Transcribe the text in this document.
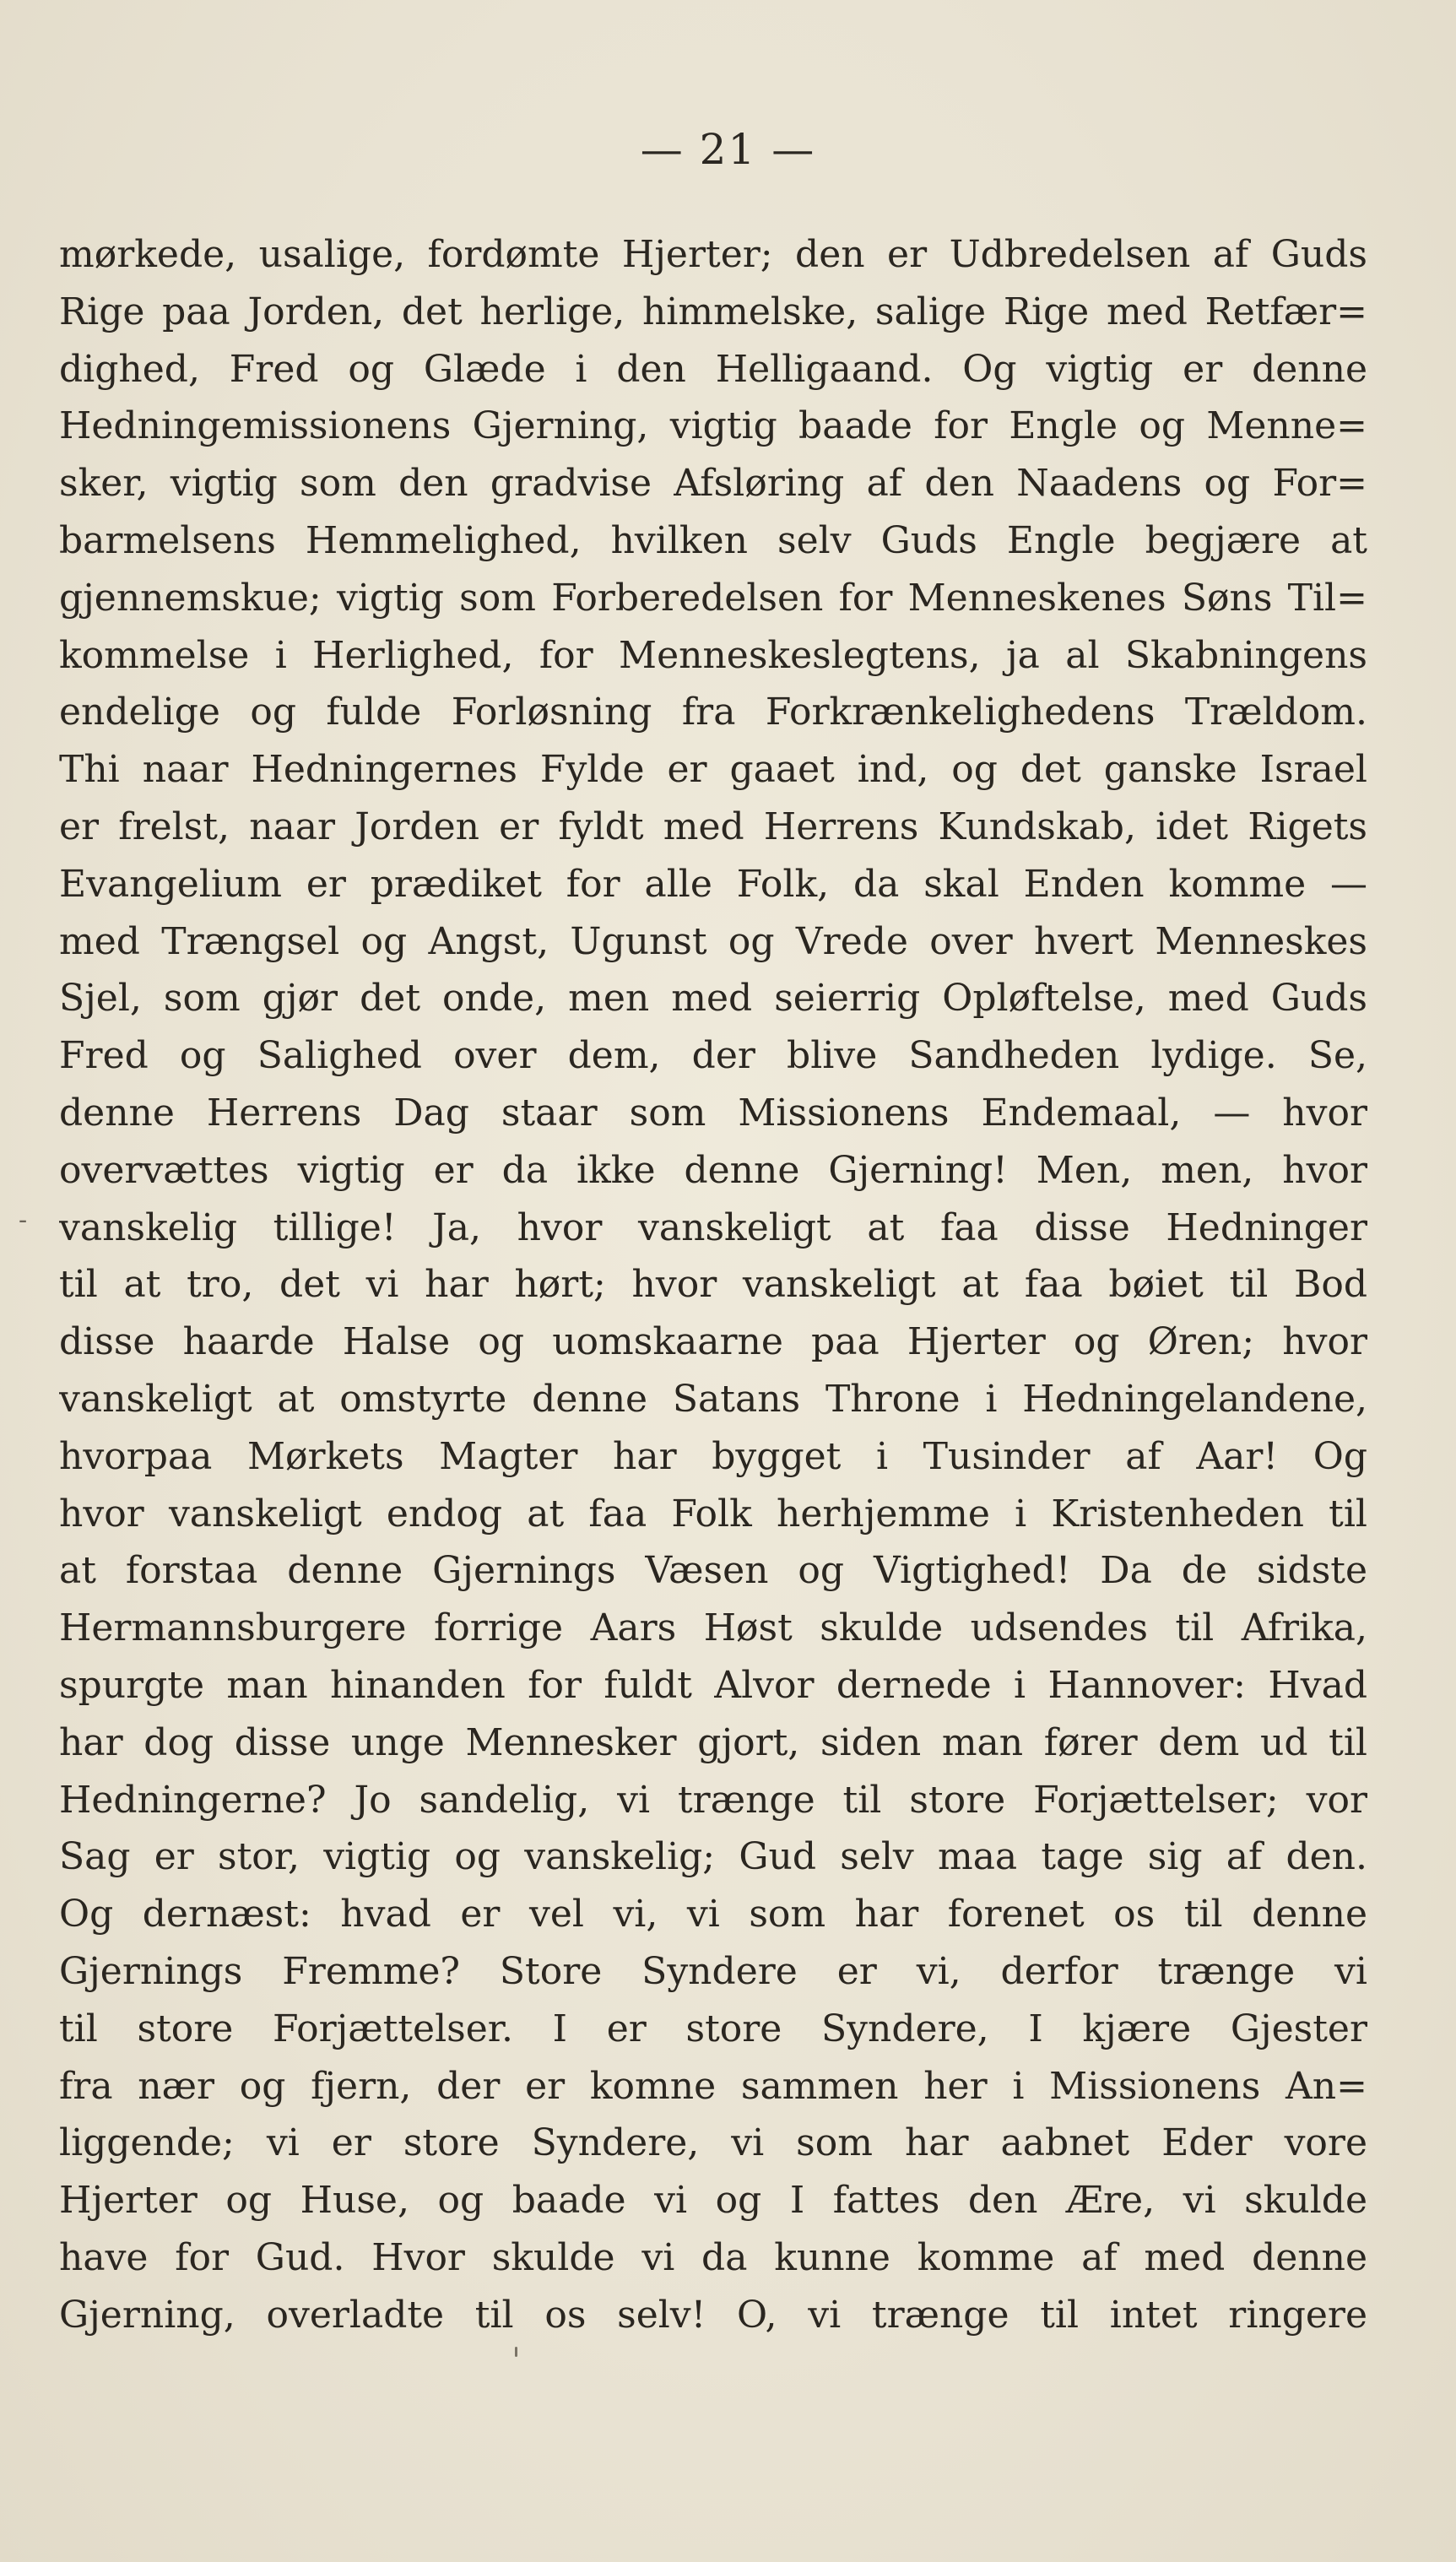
— 21 —
-
mørkede, usalige, fordømte Hjerter; den er Udbredelsen af Guds
Rige paa Jorden, det herlige, himmelske, salige Rige med Retfær=
dighed, Fred og Glæde i den Helligaand. Og vigtig er denne
Hedningemissionens Gjerning, vigtig baade for Engle og Menne=
sker, vigtig som den gradvise Afsløring af den Naadens og For=
barmelsens Hemmelighed, hvilken selv Guds Engle begjære at
gjennemskue; vigtig som Forberedelsen for Menneskenes Søns Til=
kommelse i Herlighed, for Menneskeslegtens, ja al Skabningens
endelige og fulde Forløsning fra Forkrænkelighedens Trældom.
Thi naar Hedningernes Fylde er gaaet ind, og det ganske Israel
er frelst, naar Jorden er fyldt med Herrens Kundskab, idet Rigets
Evangelium er prædiket for alle Folk, da skal Enden komme —
med Trængsel og Angst, Ugunst og Vrede over hvert Menneskes
Sjel, som gjør det onde, men med seierrig Opløftelse, med Guds
Fred og Salighed over dem, der blive Sandheden lydige. Se,
denne Herrens Dag staar som Missionens Endemaal, — hvor
overvættes vigtig er da ikke denne Gjerning! Men, men, hvor
vanskelig tillige! Ja, hvor vanskeligt at faa disse Hedninger
til at tro, det vi har hørt; hvor vanskeligt at faa bøiet til Bod
disse haarde Halse og uomskaarne paa Hjerter og Øren; hvor
vanskeligt at omstyrte denne Satans Throne i Hedningelandene,
hvorpaa Mørkets Magter har bygget i Tusinder af Aar! Og
hvor vanskeligt endog at faa Folk herhjemme i Kristenheden til
at forstaa denne Gjernings Væsen og Vigtighed! Da de sidste
Hermannsburgere forrige Aars Høst skulde udsendes til Afrika,
spurgte man hinanden for fuldt Alvor dernede i Hannover: Hvad
har dog disse unge Mennesker gjort, siden man fører dem ud til
Hedningerne? Jo sandelig, vi trænge til store Forjættelser; vor
Sag er stor, vigtig og vanskelig; Gud selv maa tage sig af den.
Og dernæst: hvad er vel vi, vi som har forenet os til denne
Gjernings Fremme? Store Syndere er vi, derfor trænge vi
til store Forjættelser. I er store Syndere, I kjære Gjester
fra nær og fjern, der er komne sammen her i Missionens An=
liggende; vi er store Syndere, vi som har aabnet Eder vore
Hjerter og Huse, og baade vi og I fattes den Ære, vi skulde
have for Gud. Hvor skulde vi da kunne komme af med denne
Gjerning, overladte til os selv! O, vi trænge til intet ringere
